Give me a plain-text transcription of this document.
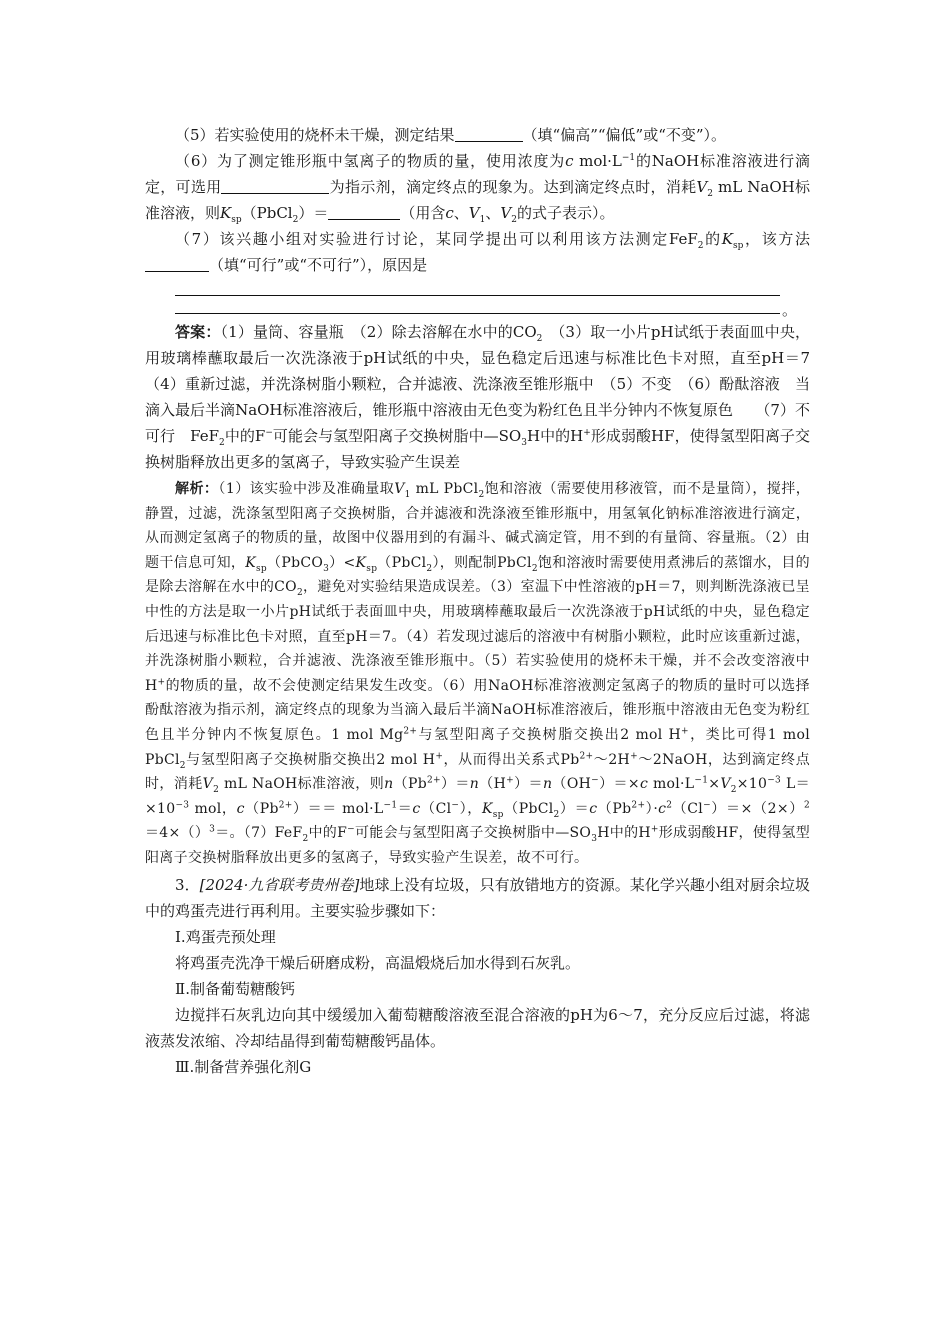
（5）若实验使用的烧杯未干燥，测定结果	（填“偏高”“偏低”或“不变”）。

（6）为了测定锥形瓶中氢离子的物质的量，使用浓度为c $mol\cdot L^{-1}$的NaOH标准溶液进行滴定，可选用	为指示剂，滴定终点的现象为。达到滴定终点时，消耗$V_2$ mL NaOH标准溶液，则$K_{sp}(PbCl_2)=$	（用含c、$V_1$、$V_2$的式子表示）。

（7）该兴趣小组对实验进行讨论，某同学提出可以利用该方法测定FeF$_2$的$K_{sp}$，该方法（填“可行”或“不可行”），原因是

。

答案：（1）量筒、容量瓶　（2）除去溶解在水中的$CO_2$　（3）取一小片pH试纸于表面皿中央，用玻璃棒蘸取最后一次洗涤液于pH试纸的中央，显色稳定后迅速与标准比色卡对照，直至pH＝7　（4）重新过滤，并洗涤树脂小颗粒，合并滤液、洗涤液至锥形瓶中　（5）不变　（6）酚酞溶液　当滴入最后半滴NaOH标准溶液后，锥形瓶中溶液由无色变为粉红色且半分钟内不恢复原色　　（7）不可行　FeF$_2$中的F−可能会与氢型阳离子交换树脂中$—SO_3H$中的H+形成弱酸HF，使得氢型阳离子交换树脂释放出更多的氢离子，导致实验产生误差

解析：（1）该实验中涉及准确量取$V_1$ mL PbCl$_2$饱和溶液（需要使用移液管，而不是量筒），搅拌，静置，过滤，洗涤氢型阳离子交换树脂，合并滤液和洗涤液至锥形瓶中，用氢氧化钠标准溶液进行滴定，从而测定氢离子的物质的量，故图中仪器用到的有漏斗、碱式滴定管，用不到的有量筒、容量瓶。（2）由题干信息可知，$K_{sp}(PbCO_3)<K_{sp}(PbCl_2)$，则配制PbCl$_2$饱和溶液时需要使用煮沸后的蒸馏水，目的是除去溶解在水中的$CO_2$，避免对实验结果造成误差。（3）室温下中性溶液的pH＝7，则判断洗涤液已呈中性的方法是取一小片pH试纸于表面皿中央，用玻璃棒蘸取最后一次洗涤液于pH试纸的中央，显色稳定后迅速与标准比色卡对照，直至pH＝7。（4）若发现过滤后的溶液中有树脂小颗粒，此时应该重新过滤，并洗涤树脂小颗粒，合并滤液、洗涤液至锥形瓶中。（5）若实验使用的烧杯未干燥，并不会改变溶液中H+的物质的量，故不会使测定结果发生改变。（6）用NaOH标准溶液测定氢离子的物质的量时可以选择酚酞溶液为指示剂，滴定终点的现象为当滴入最后半滴NaOH标准溶液后，锥形瓶中溶液由无色变为粉红色且半分钟内不恢复原色。1 mol $Mg^{2+}$与氢型阳离子交换树脂交换出2 mol H+，类比可得1 mol PbCl$_2$与氢型阳离子交换树脂交换出2 mol H+，从而得出关系式$Pb^{2+}\sim 2H^+\sim 2NaOH$，达到滴定终点时，消耗$V_2$ mL NaOH标准溶液，则$n(Pb^{2+})=n(H^+)=n(OH^-)=\times c$ $mol\cdot L^{-1}\times V_2\times 10^{-3}$ $L=\times 10^{-3}$ mol，$c(Pb^{2+})== mol\cdot L^{-1}=c(Cl^-)$，$K_{sp}(PbCl_2)=c(Pb^{2+})\cdot c^2(Cl^-)=\times(2\times)^2=4\times()^3=$。（7）FeF$_2$中的F−可能会与氢型阳离子交换树脂中$—SO_3H$中的H+形成弱酸HF，使得氢型阳离子交换树脂释放出更多的氢离子，导致实验产生误差，故不可行。

3．[2024·九省联考贵州卷]地球上没有垃圾，只有放错地方的资源。某化学兴趣小组对厨余垃圾中的鸡蛋壳进行再利用。主要实验步骤如下：

Ⅰ.鸡蛋壳预处理

将鸡蛋壳洗净干燥后研磨成粉，高温煅烧后加水得到石灰乳。

Ⅱ.制备葡萄糖酸钙

边搅拌石灰乳边向其中缓缓加入葡萄糖酸溶液至混合溶液的pH为6～7，充分反应后过滤，将滤液蒸发浓缩、冷却结晶得到葡萄糖酸钙晶体。

Ⅲ.制备营养强化剂G
